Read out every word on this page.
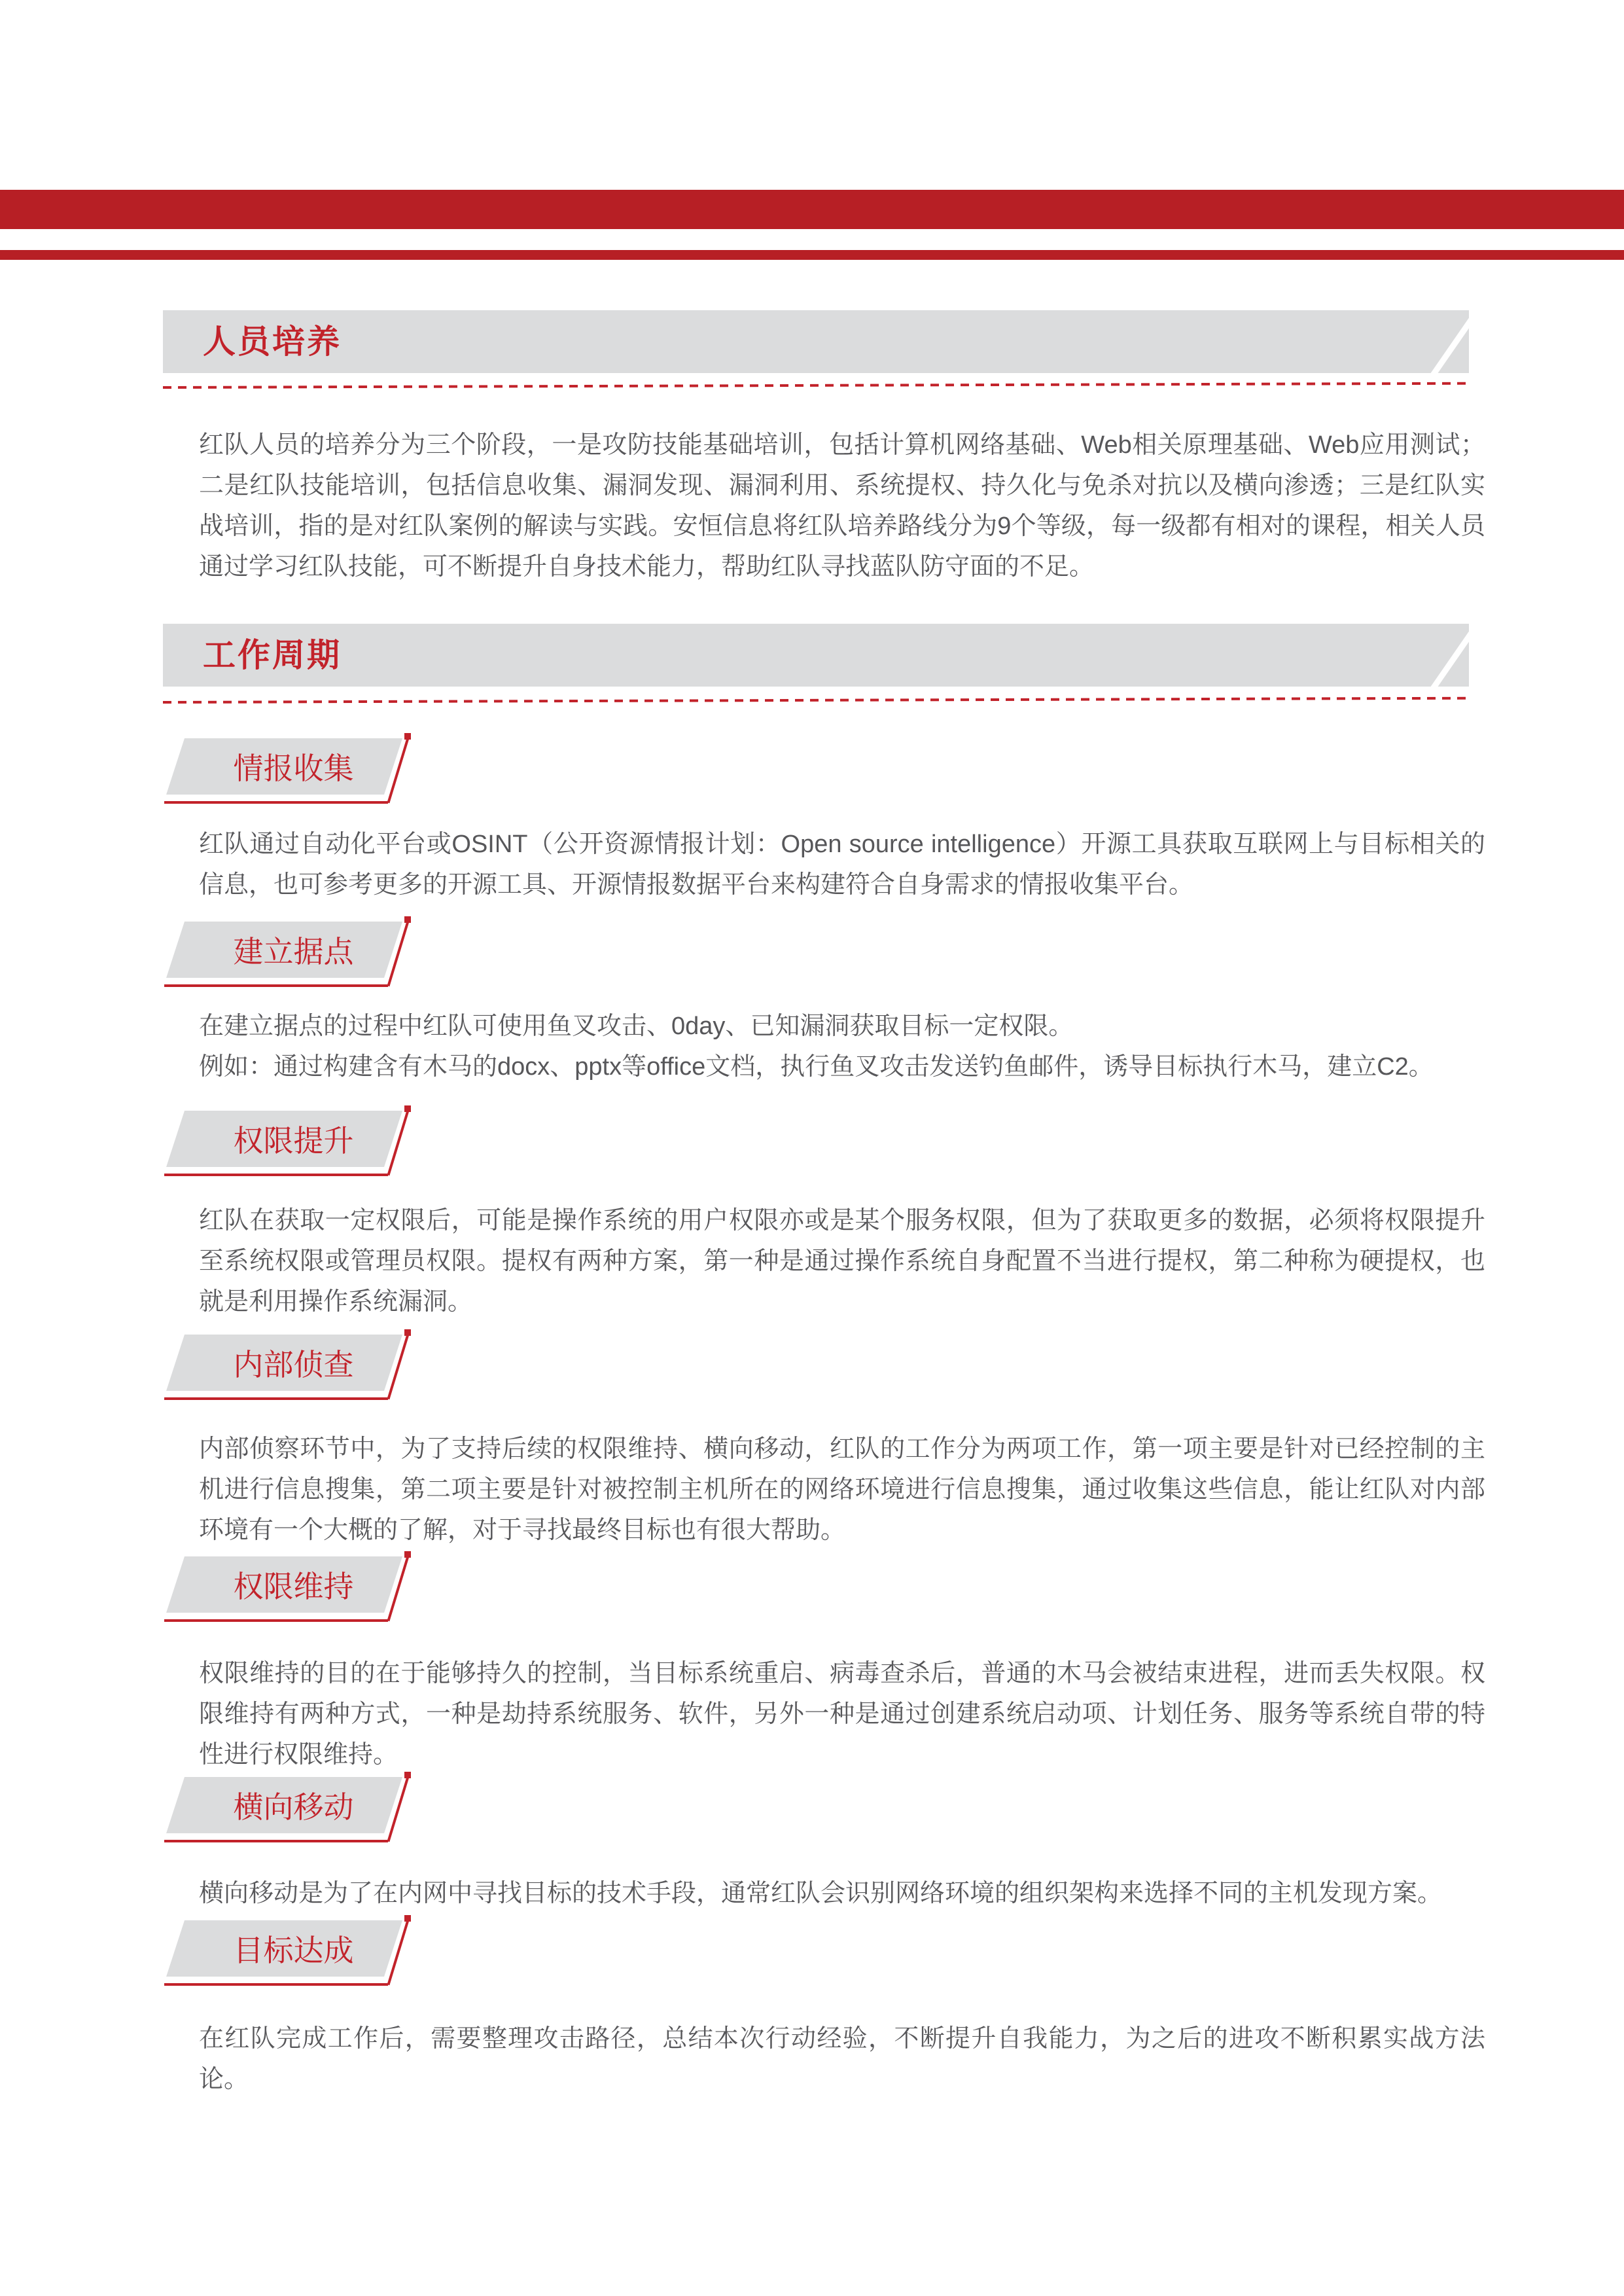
人员培养
红队人员的培养分为三个阶段，一是攻防技能基础培训，包括计算机网络基础、Web相关原理基础、Web应用测试；二是红队技能培训，包括信息收集、漏洞发现、漏洞利用、系统提权、持久化与免杀对抗以及横向渗透；三是红队实战培训，指的是对红队案例的解读与实践。安恒信息将红队培养路线分为9个等级，每一级都有相对的课程，相关人员通过学习红队技能，可不断提升自身技术能力，帮助红队寻找蓝队防守面的不足。
工作周期
情报收集
红队通过自动化平台或OSINT（公开资源情报计划：Open source intelligence）开源工具获取互联网上与目标相关的信息，也可参考更多的开源工具、开源情报数据平台来构建符合自身需求的情报收集平台。
建立据点
在建立据点的过程中红队可使用鱼叉攻击、0day、已知漏洞获取目标一定权限。
例如：通过构建含有木马的docx、pptx等office文档，执行鱼叉攻击发送钓鱼邮件，诱导目标执行木马，建立C2。
权限提升
红队在获取一定权限后，可能是操作系统的用户权限亦或是某个服务权限，但为了获取更多的数据，必须将权限提升至系统权限或管理员权限。提权有两种方案，第一种是通过操作系统自身配置不当进行提权，第二种称为硬提权，也就是利用操作系统漏洞。
内部侦查
内部侦察环节中，为了支持后续的权限维持、横向移动，红队的工作分为两项工作，第一项主要是针对已经控制的主机进行信息搜集，第二项主要是针对被控制主机所在的网络环境进行信息搜集，通过收集这些信息，能让红队对内部环境有一个大概的了解，对于寻找最终目标也有很大帮助。
权限维持
权限维持的目的在于能够持久的控制，当目标系统重启、病毒查杀后，普通的木马会被结束进程，进而丢失权限。权限维持有两种方式，一种是劫持系统服务、软件，另外一种是通过创建系统启动项、计划任务、服务等系统自带的特性进行权限维持。
横向移动
横向移动是为了在内网中寻找目标的技术手段，通常红队会识别网络环境的组织架构来选择不同的主机发现方案。
目标达成
在红队完成工作后，需要整理攻击路径，总结本次行动经验，不断提升自我能力，为之后的进攻不断积累实战方法论。
